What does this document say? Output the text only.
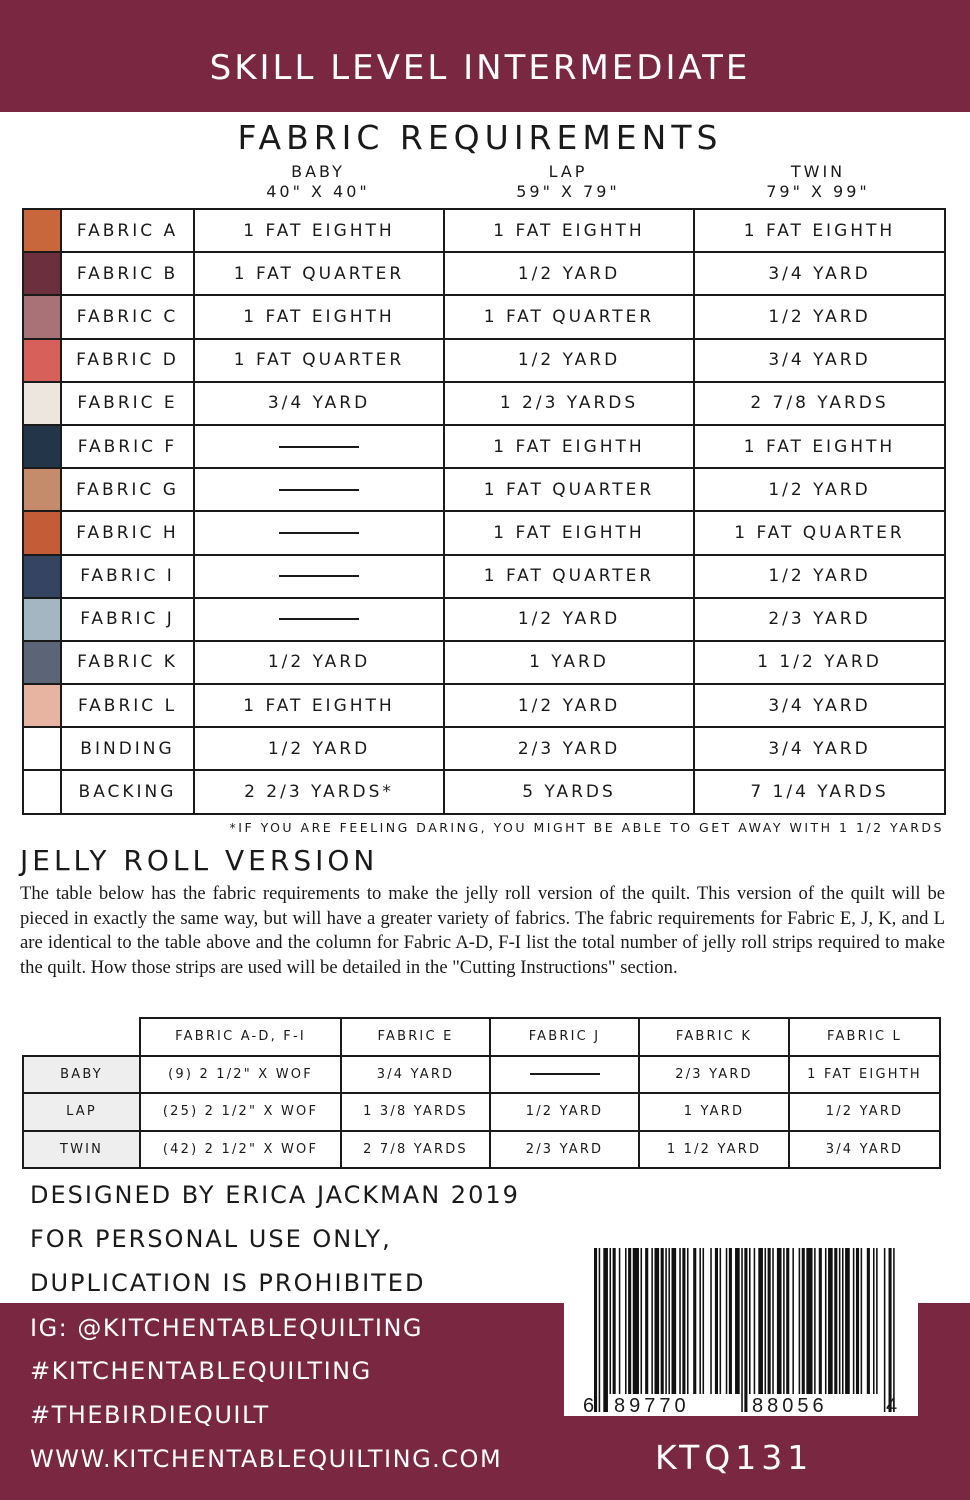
SKILL LEVEL INTERMEDIATE
FABRIC REQUIREMENTS
BABY
40" X 40"
LAP
59" X 79"
TWIN
79" X 99"
	FABRIC A	1 FAT EIGHTH	1 FAT EIGHTH	1 FAT EIGHTH

	FABRIC B	1 FAT QUARTER	1/2 YARD	3/4 YARD

	FABRIC C	1 FAT EIGHTH	1 FAT QUARTER	1/2 YARD

	FABRIC D	1 FAT QUARTER	1/2 YARD	3/4 YARD

	FABRIC E	3/4 YARD	1 2/3 YARDS	2 7/8 YARDS

	FABRIC F		1 FAT EIGHTH	1 FAT EIGHTH

	FABRIC G		1 FAT QUARTER	1/2 YARD

	FABRIC H		1 FAT EIGHTH	1 FAT QUARTER

	FABRIC I		1 FAT QUARTER	1/2 YARD

	FABRIC J		1/2 YARD	2/3 YARD

	FABRIC K	1/2 YARD	1 YARD	1 1/2 YARD

	FABRIC L	1 FAT EIGHTH	1/2 YARD	3/4 YARD

	BINDING	1/2 YARD	2/3 YARD	3/4 YARD

	BACKING	2 2/3 YARDS*	5 YARDS	7 1/4 YARDS
*IF YOU ARE FEELING DARING, YOU MIGHT BE ABLE TO GET AWAY WITH 1 1/2 YARDS
JELLY ROLL VERSION
The table below has the fabric requirements to make the jelly roll version of the quilt. This version of the quilt will be pieced in exactly the same way, but will have a greater variety of fabrics. The fabric requirements for Fabric E, J, K, and L are identical to the table above and the column for Fabric A-D, F-I list the total number of jelly roll strips required to make the quilt. How those strips are used will be detailed in the "Cutting Instructions" section.
	FABRIC A-D, F-I	FABRIC E	FABRIC J	FABRIC K	FABRIC L
BABY	(9) 2 1/2" X WOF	3/4 YARD		2/3 YARD	1 FAT EIGHTH
LAP	(25) 2 1/2" X WOF	1 3/8 YARDS	1/2 YARD	1 YARD	1/2 YARD
TWIN	(42) 2 1/2" X WOF	2 7/8 YARDS	2/3 YARD	1 1/2 YARD	3/4 YARD
DESIGNED BY ERICA JACKMAN 2019
FOR PERSONAL USE ONLY,
DUPLICATION IS PROHIBITED
IG: @KITCHENTABLEQUILTING
#KITCHENTABLEQUILTING
#THEBIRDIEQUILT
WWW.KITCHENTABLEQUILTING.COM
6 89770	88056	4
KTQ131
